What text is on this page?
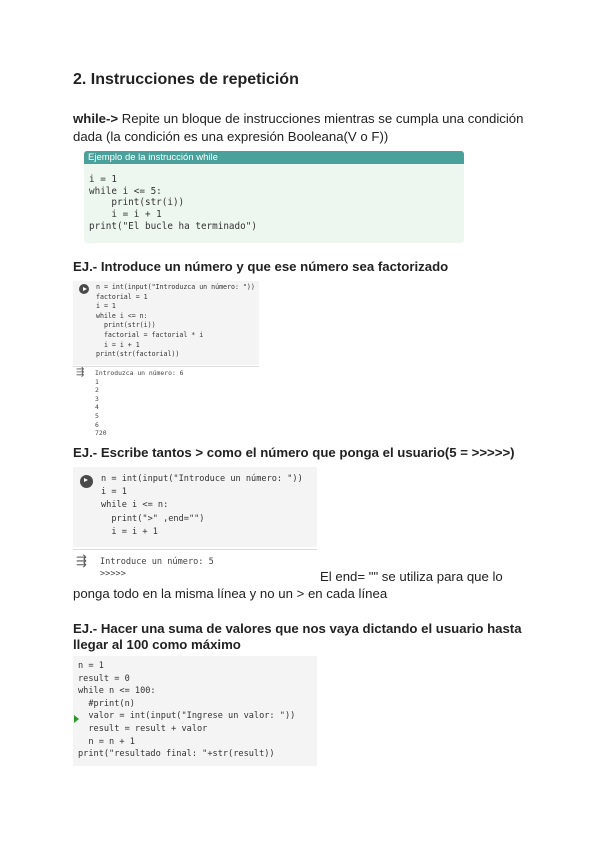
2. Instrucciones de repetición
while-> Repite un bloque de instrucciones mientras se cumpla una condición dada (la condición es una expresión Booleana(V o F))
Ejemplo de la instrucción while
i = 1
while i <= 5:
print(str(i))
i = i + 1
print("El bucle ha terminado")
EJ.- Introduce un número y que ese número sea factorizado
n = int(input("Introduzca un número: "))
factorial = 1
i = 1
while i <= n:
print(str(i))
factorial = factorial * i
i = i + 1
print(str(factorial))
⇶ Introduzca un número: 6
1
2
3
4
5
6
720
EJ.- Escribe tantos > como el número que ponga el usuario(5 = >>>>>)
n = int(input("Introduce un número: "))
i = 1
while i <= n:
print(">" ,end="")
i = i + 1
⇶ Introduce un número: 5
>>>>>	El end= "" se utiliza para que lo
ponga todo en la misma línea y no un > en cada línea
EJ.- Hacer una suma de valores que nos vaya dictando el usuario hasta
llegar al 100 como máximo
n = 1
result = 0
while n <= 100:
#print(n)
valor = int(input("Ingrese un valor: "))
result = result + valor
n = n + 1
print("resultado final: "+str(result))
